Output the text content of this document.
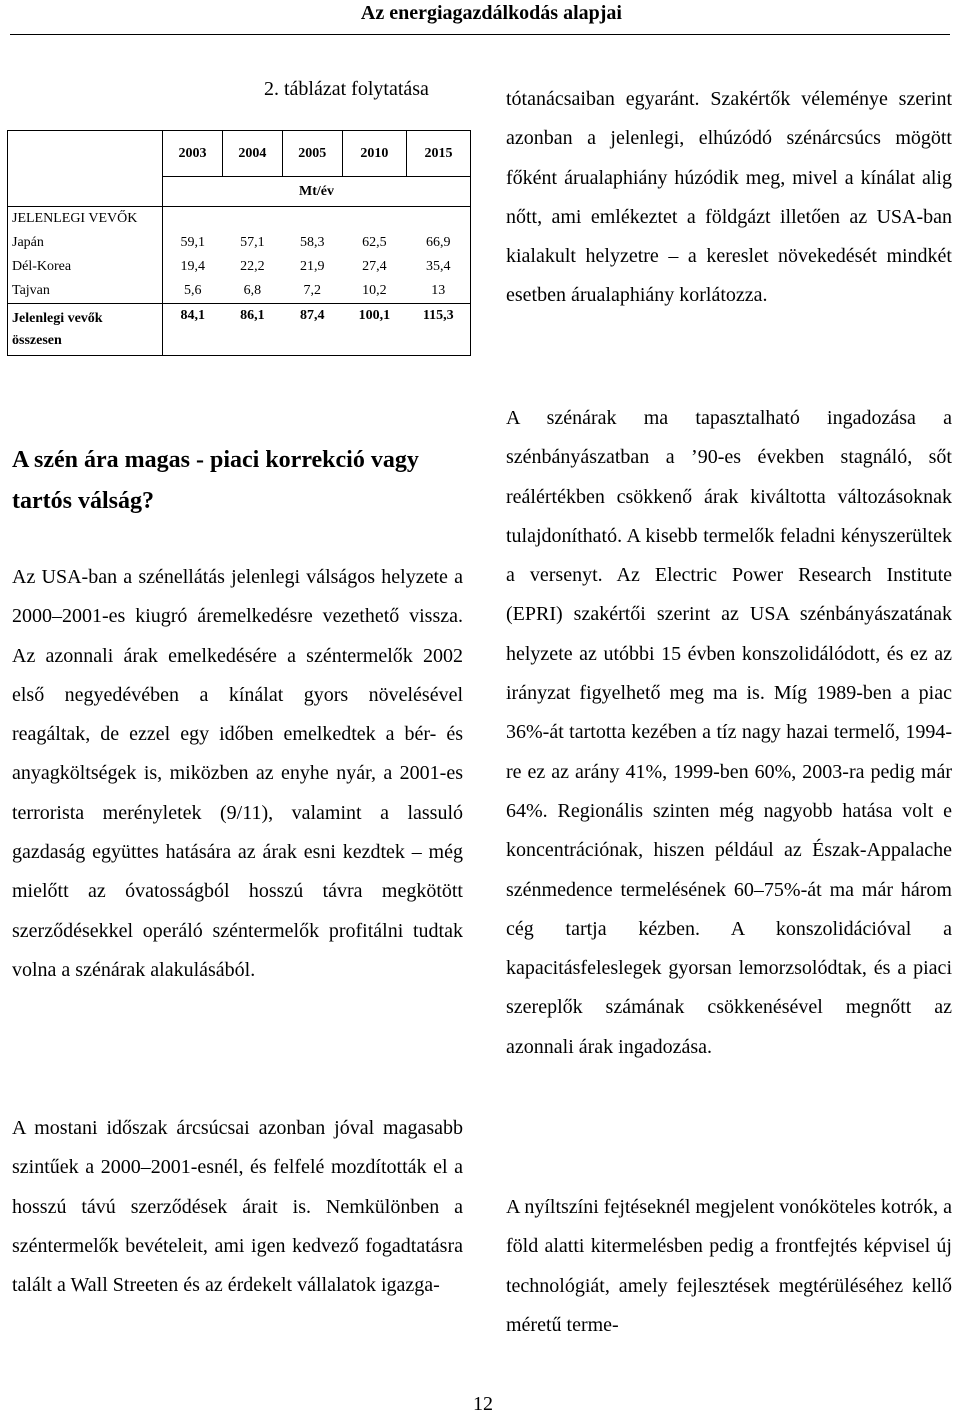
Az energiagazdálkodás alapjai
2. táblázat folytatása
	2003	2004	2005	2010	2015
	Mt/év				
JELENLEGI VEVŐK					
Japán	59,1	57,1	58,3	62,5	66,9
Dél-Korea	19,4	22,2	21,9	27,4	35,4
Tajvan	5,6	6,8	7,2	10,2	13
Jelenlegi vevők
összesen	84,1	86,1	87,4	100,1	115,3
A szén ára magas - piaci korrekció vagy tartós válság?

Az USA-ban a szénellátás jelenlegi válságos helyzete a 2000–2001-es kiugró áremelkedésre vezethető vissza. Az azonnali árak emelkedésére a széntermelők 2002 első negyedévében a kínálat gyors növelésével reagáltak, de ezzel egy időben emelkedtek a bér- és anyagköltségek is, miközben az enyhe nyár, a 2001-es terrorista merényletek (9/11), valamint a lassuló gazdaság együttes hatására az árak esni kezdtek – még mielőtt az óvatosságból hosszú távra megkötött szerződésekkel operáló széntermelők profitálni tudtak volna a szénárak alakulásából.

A mostani időszak árcsúcsai azonban jóval magasabb szintűek a 2000–2001-esnél, és felfelé mozdították el a hosszú távú szerződések árait is. Nemkülönben a széntermelők bevételeit, ami igen kedvező fogadtatásra talált a Wall Streeten és az érdekelt vállalatok igazga-

tótanácsaiban egyaránt. Szakértők véleménye szerint azonban a jelenlegi, elhúzódó szénárcsúcs mögött főként árualaphiány húzódik meg, mivel a kínálat alig nőtt, ami emlékeztet a földgázt illetően az USA-ban kialakult helyzetre – a kereslet növekedését mindkét esetben árualaphiány korlátozza.

A szénárak ma tapasztalható ingadozása a szénbányászatban a ’90-es években stagnáló, sőt reálértékben csökkenő árak kiváltotta változásoknak tulajdonítható. A kisebb termelők feladni kényszerültek a versenyt. Az Electric Power Research Institute (EPRI) szakértői szerint az USA szénbányászatának helyzete az utóbbi 15 évben konszolidálódott, és ez az irányzat figyelhető meg ma is. Míg 1989-ben a piac 36%-át tartotta kezében a tíz nagy hazai termelő, 1994-re ez az arány 41%, 1999-ben 60%, 2003-ra pedig már 64%. Regionális szinten még nagyobb hatása volt e koncentrációnak, hiszen például az Észak-Appalache szénmedence termelésének 60–75%-át ma már három cég tartja kézben. A konszolidációval a kapacitásfeleslegek gyorsan lemorzsolódtak, és a piaci szereplők számának csökkenésével megnőtt az azonnali árak ingadozása.

A nyíltszíni fejtéseknél megjelent vonóköteles kotrók, a föld alatti kitermelésben pedig a frontfejtés képvisel új technológiát, amely fejlesztések megtérüléséhez kellő méretű terme-

12
